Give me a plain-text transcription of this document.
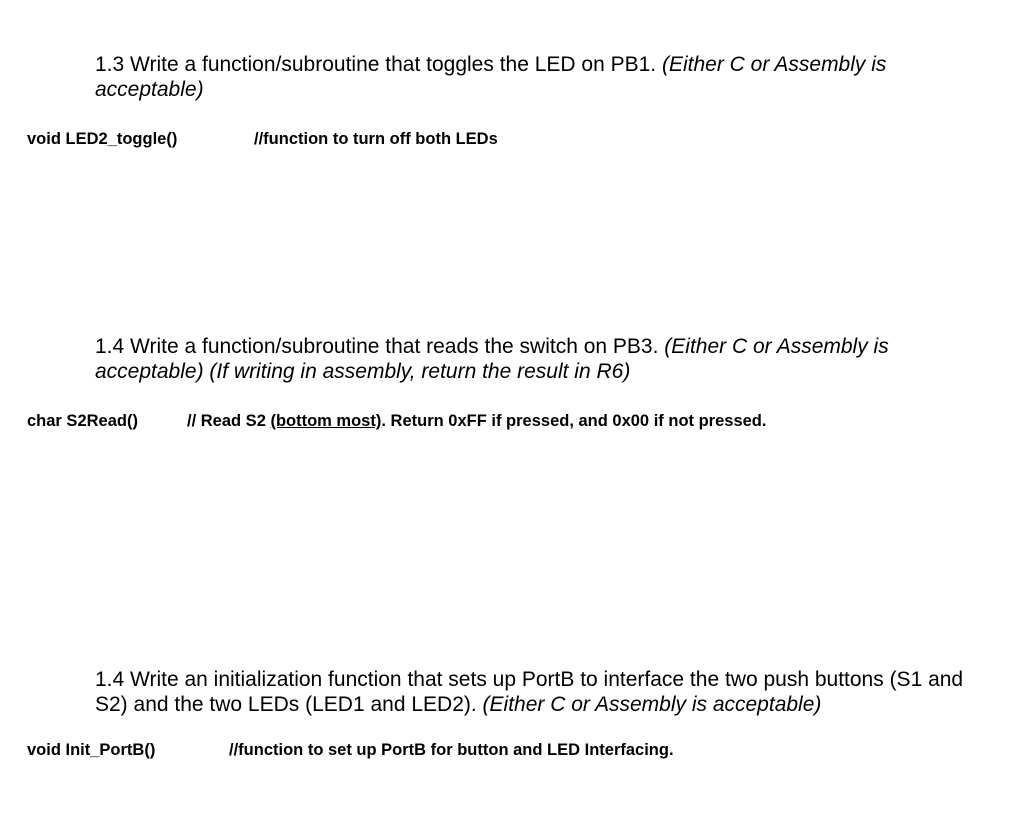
1.3 Write a function/subroutine that toggles the LED on PB1. (Either C or Assembly is acceptable)
void LED2_toggle()	//function to turn off both LEDs
1.4 Write a function/subroutine that reads the switch on PB3. (Either C or Assembly is acceptable) (If writing in assembly, return the result in R6)
char S2Read()	// Read S2 (bottom most). Return 0xFF if pressed, and 0x00 if not pressed.
1.4 Write an initialization function that sets up PortB to interface the two push buttons (S1 and S2) and the two LEDs (LED1 and LED2). (Either C or Assembly is acceptable)
void Init_PortB()	//function to set up PortB for button and LED Interfacing.
